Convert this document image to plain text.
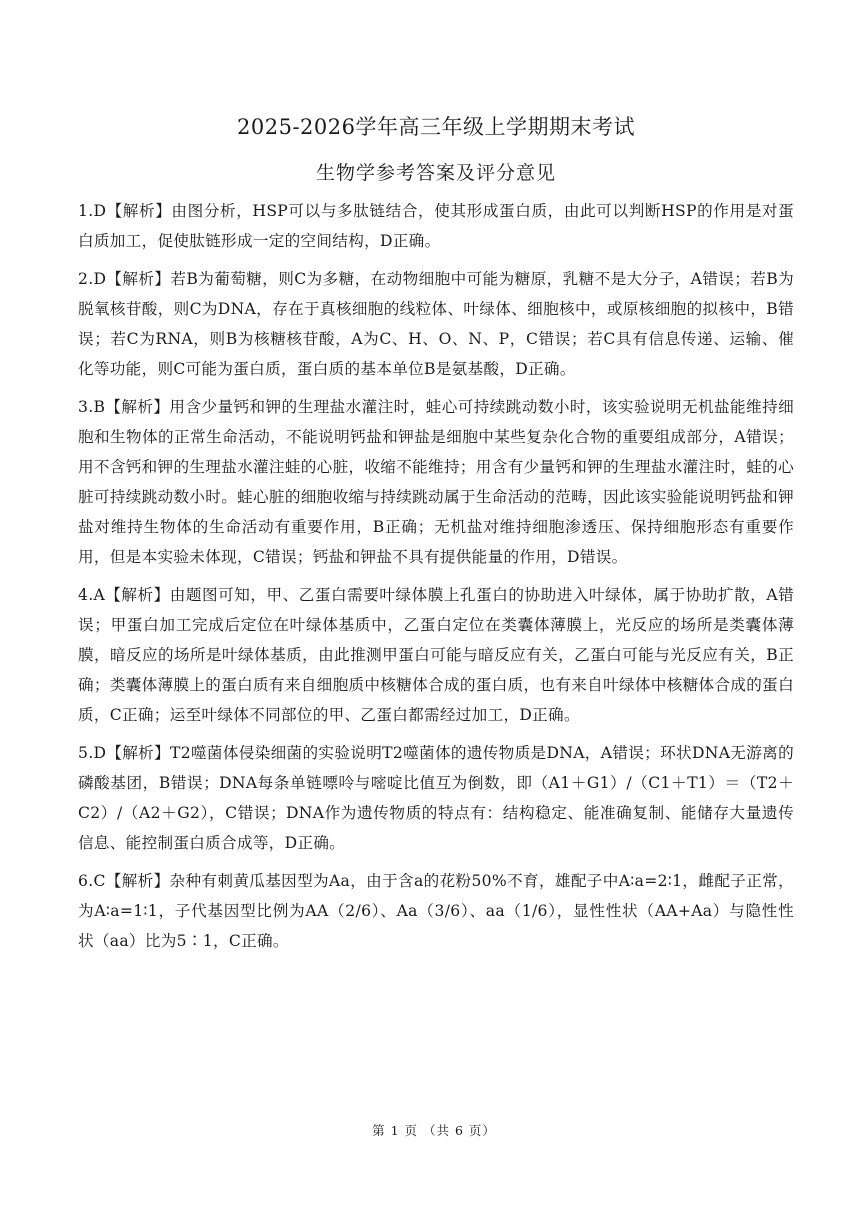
2025-2026学年高三年级上学期期末考试
生物学参考答案及评分意见

1.D【解析】由图分析，HSP可以与多肽链结合，使其形成蛋白质，由此可以判断HSP的作用是对蛋白质加工，促使肽链形成一定的空间结构，D正确。

2.D【解析】若B为葡萄糖，则C为多糖，在动物细胞中可能为糖原，乳糖不是大分子，A错误；若B为脱氧核苷酸，则C为DNA，存在于真核细胞的线粒体、叶绿体、细胞核中，或原核细胞的拟核中，B错误；若C为RNA，则B为核糖核苷酸，A为C、H、O、N、P，C错误；若C具有信息传递、运输、催化等功能，则C可能为蛋白质，蛋白质的基本单位B是氨基酸，D正确。

3.B【解析】用含少量钙和钾的生理盐水灌注时，蛙心可持续跳动数小时，该实验说明无机盐能维持细胞和生物体的正常生命活动，不能说明钙盐和钾盐是细胞中某些复杂化合物的重要组成部分，A错误；用不含钙和钾的生理盐水灌注蛙的心脏，收缩不能维持；用含有少量钙和钾的生理盐水灌注时，蛙的心脏可持续跳动数小时。蛙心脏的细胞收缩与持续跳动属于生命活动的范畴，因此该实验能说明钙盐和钾盐对维持生物体的生命活动有重要作用，B正确；无机盐对维持细胞渗透压、保持细胞形态有重要作用，但是本实验未体现，C错误；钙盐和钾盐不具有提供能量的作用，D错误。

4.A【解析】由题图可知，甲、乙蛋白需要叶绿体膜上孔蛋白的协助进入叶绿体，属于协助扩散，A错误；甲蛋白加工完成后定位在叶绿体基质中，乙蛋白定位在类囊体薄膜上，光反应的场所是类囊体薄膜，暗反应的场所是叶绿体基质，由此推测甲蛋白可能与暗反应有关，乙蛋白可能与光反应有关，B正确；类囊体薄膜上的蛋白质有来自细胞质中核糖体合成的蛋白质，也有来自叶绿体中核糖体合成的蛋白质，C正确；运至叶绿体不同部位的甲、乙蛋白都需经过加工，D正确。

5.D【解析】T2噬菌体侵染细菌的实验说明T2噬菌体的遗传物质是DNA，A错误；环状DNA无游离的磷酸基团，B错误；DNA每条单链嘌呤与嘧啶比值互为倒数，即（A1＋G1）/（C1＋T1）＝（T2＋C2）/（A2＋G2），C错误；DNA作为遗传物质的特点有：结构稳定、能准确复制、能储存大量遗传信息、能控制蛋白质合成等，D正确。

6.C【解析】杂种有刺黄瓜基因型为Aa，由于含a的花粉50%不育，雄配子中A∶a=2∶1，雌配子正常，为A∶a=1∶1，子代基因型比例为AA（2/6）、Aa（3/6）、aa（1/6），显性性状（AA+Aa）与隐性性状（aa）比为5∶1，C正确。

第 1 页 （共 6 页）
